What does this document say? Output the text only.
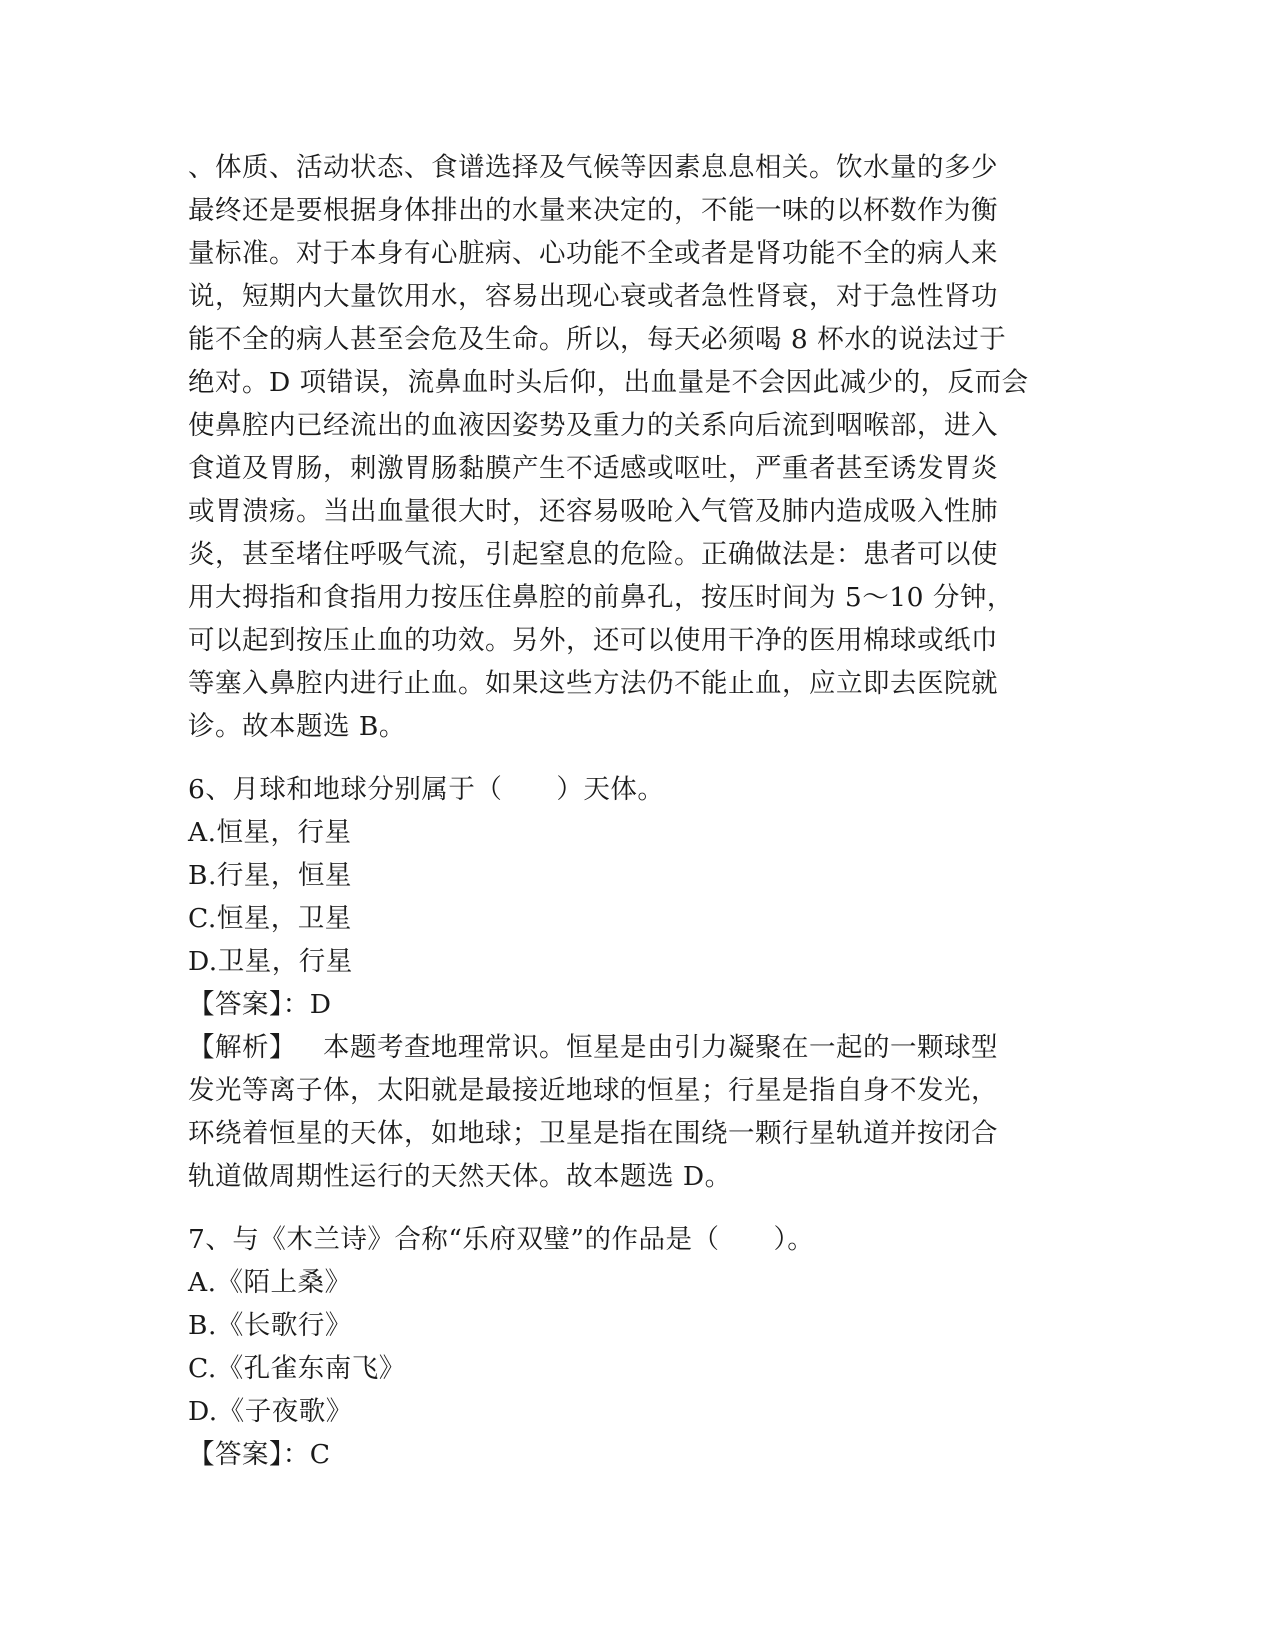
、体质、活动状态、食谱选择及气候等因素息息相关。饮水量的多少
最终还是要根据身体排出的水量来决定的，不能一味的以杯数作为衡
量标准。对于本身有心脏病、心功能不全或者是肾功能不全的病人来
说，短期内大量饮用水，容易出现心衰或者急性肾衰，对于急性肾功
能不全的病人甚至会危及生命。所以，每天必须喝 8 杯水的说法过于
绝对。D 项错误，流鼻血时头后仰，出血量是不会因此减少的，反而会
使鼻腔内已经流出的血液因姿势及重力的关系向后流到咽喉部，进入
食道及胃肠，刺激胃肠黏膜产生不适感或呕吐，严重者甚至诱发胃炎
或胃溃疡。当出血量很大时，还容易吸呛入气管及肺内造成吸入性肺
炎，甚至堵住呼吸气流，引起窒息的危险。正确做法是：患者可以使
用大拇指和食指用力按压住鼻腔的前鼻孔，按压时间为 5～10 分钟，
可以起到按压止血的功效。另外，还可以使用干净的医用棉球或纸巾
等塞入鼻腔内进行止血。如果这些方法仍不能止血，应立即去医院就
诊。故本题选 B。
6、月球和地球分别属于（　　）天体。
A.恒星，行星
B.行星，恒星
C.恒星，卫星
D.卫星，行星
【答案】：D
【解析】  本题考查地理常识。恒星是由引力凝聚在一起的一颗球型
发光等离子体，太阳就是最接近地球的恒星；行星是指自身不发光，
环绕着恒星的天体，如地球；卫星是指在围绕一颗行星轨道并按闭合
轨道做周期性运行的天然天体。故本题选 D。
7、与《木兰诗》合称“乐府双璧”的作品是（　　）。
A.《陌上桑》
B.《长歌行》
C.《孔雀东南飞》
D.《子夜歌》
【答案】：C
